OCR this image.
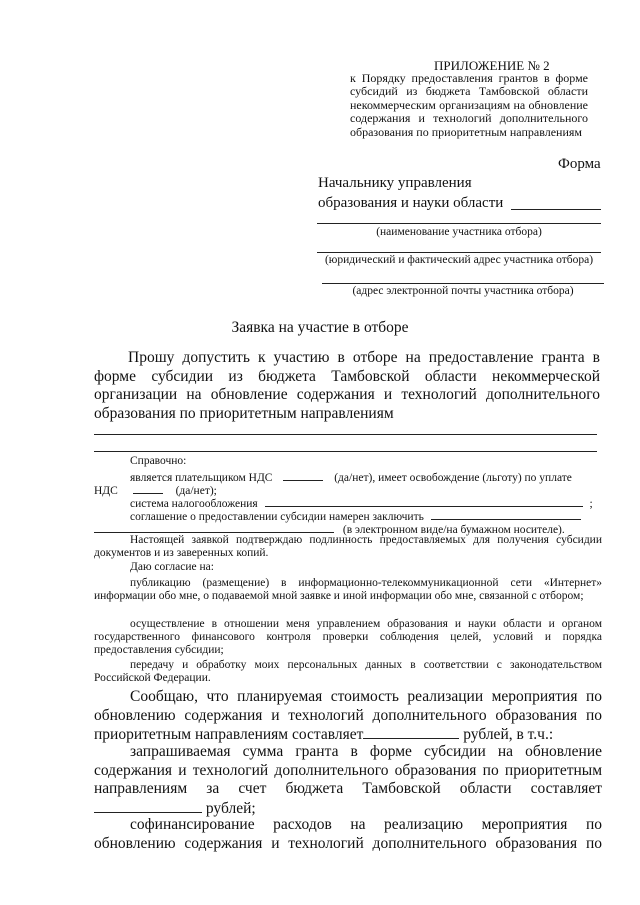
ПРИЛОЖЕНИЕ № 2
к Порядку предоставления грантов в форме субсидий из бюджета Тамбовской области некоммерческим организациям на обновление содержания и технологий дополнительного образования по приоритетным направлениям
Форма
Начальнику управления
образования и науки области
(наименование участника отбора)
(юридический и фактический адрес участника отбора)
(адрес электронной почты участника отбора)
Заявка на участие в отборе
Прошу допустить к участию в отборе на предоставление гранта в форме субсидии из бюджета Тамбовской области некоммерческой организации на обновление содержания и технологий дополнительного образования по приоритетным направлениям
Справочно:
является плательщиком НДС	(да/нет), имеет освобождение (льготу) по уплате
НДС	(да/нет);
система налогообложения	;
соглашение о предоставлении субсидии намерен заключить
(в электронном виде/на бумажном носителе).
Настоящей заявкой подтверждаю подлинность предоставляемых для получения субсидии документов и из заверенных копий.
Даю согласие на:
публикацию (размещение) в информационно-телекоммуникационной сети «Интернет» информации обо мне, о подаваемой мной заявке и иной информации обо мне, связанной с отбором;
осуществление в отношении меня управлением образования и науки области и органом государственного финансового контроля проверки соблюдения целей, условий и порядка предоставления субсидии;
передачу и обработку моих персональных данных в соответствии с законодательством Российской Федерации.
Сообщаю, что планируемая стоимость реализации мероприятия по обновлению содержания и технологий дополнительного образования по приоритетным направлениям составляет	рублей, в т.ч.:
запрашиваемая сумма гранта в форме субсидии на обновление содержания и технологий дополнительного образования по приоритетным направлениям за счет бюджета Тамбовской области составляет рублей;
софинансирование расходов на реализацию мероприятия по обновлению содержания и технологий дополнительного образования по
